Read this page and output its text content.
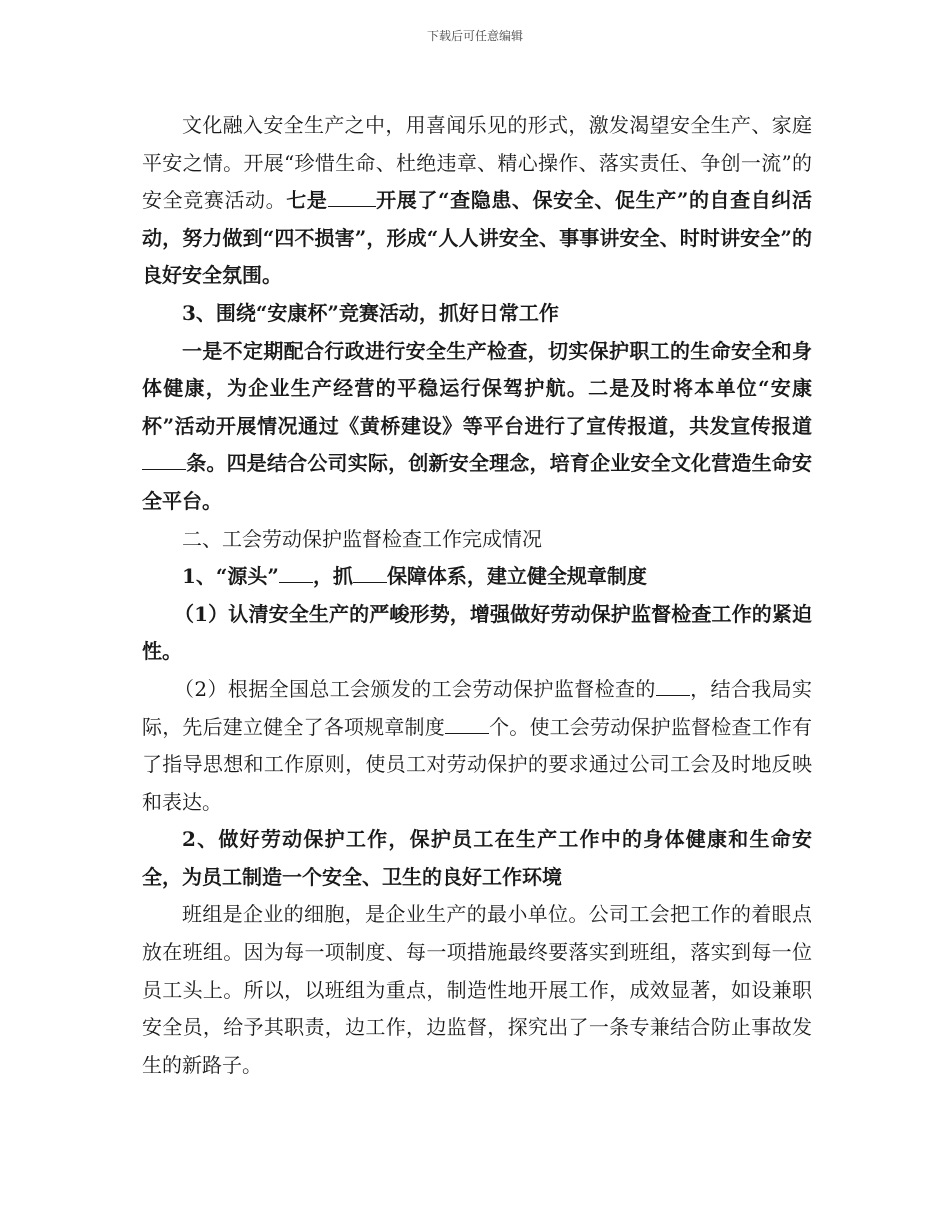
下载后可任意编辑

文化融入安全生产之中，用喜闻乐见的形式，激发渴望安全生产、家庭平安之情。开展“珍惜生命、杜绝违章、精心操作、落实责任、争创一流”的安全竞赛活动。七是 开展了“查隐患、保安全、促生产”的自查自纠活动，努力做到“四不损害”，形成“人人讲安全、事事讲安全、时时讲安全”的良好安全氛围。

3、围绕“安康杯”竞赛活动，抓好日常工作

一是不定期配合行政进行安全生产检查，切实保护职工的生命安全和身体健康，为企业生产经营的平稳运行保驾护航。二是及时将本单位“安康杯”活动开展情况通过《黄桥建设》等平台进行了宣传报道，共发宣传报道条。四是结合公司实际，创新安全理念，培育企业安全文化营造生命安全平台。

二、工会劳动保护监督检查工作完成情况

1、“源头” ，抓 保障体系，建立健全规章制度

（1）认清安全生产的严峻形势，增强做好劳动保护监督检查工作的紧迫性。

（2）根据全国总工会颁发的工会劳动保护监督检查的 ，结合我局实际，先后建立健全了各项规章制度 个。使工会劳动保护监督检查工作有了指导思想和工作原则，使员工对劳动保护的要求通过公司工会及时地反映和表达。

2、做好劳动保护工作，保护员工在生产工作中的身体健康和生命安全，为员工制造一个安全、卫生的良好工作环境

班组是企业的细胞，是企业生产的最小单位。公司工会把工作的着眼点放在班组。因为每一项制度、每一项措施最终要落实到班组，落实到每一位员工头上。所以，以班组为重点，制造性地开展工作，成效显著，如设兼职安全员，给予其职责，边工作，边监督，探究出了一条专兼结合防止事故发生的新路子。
